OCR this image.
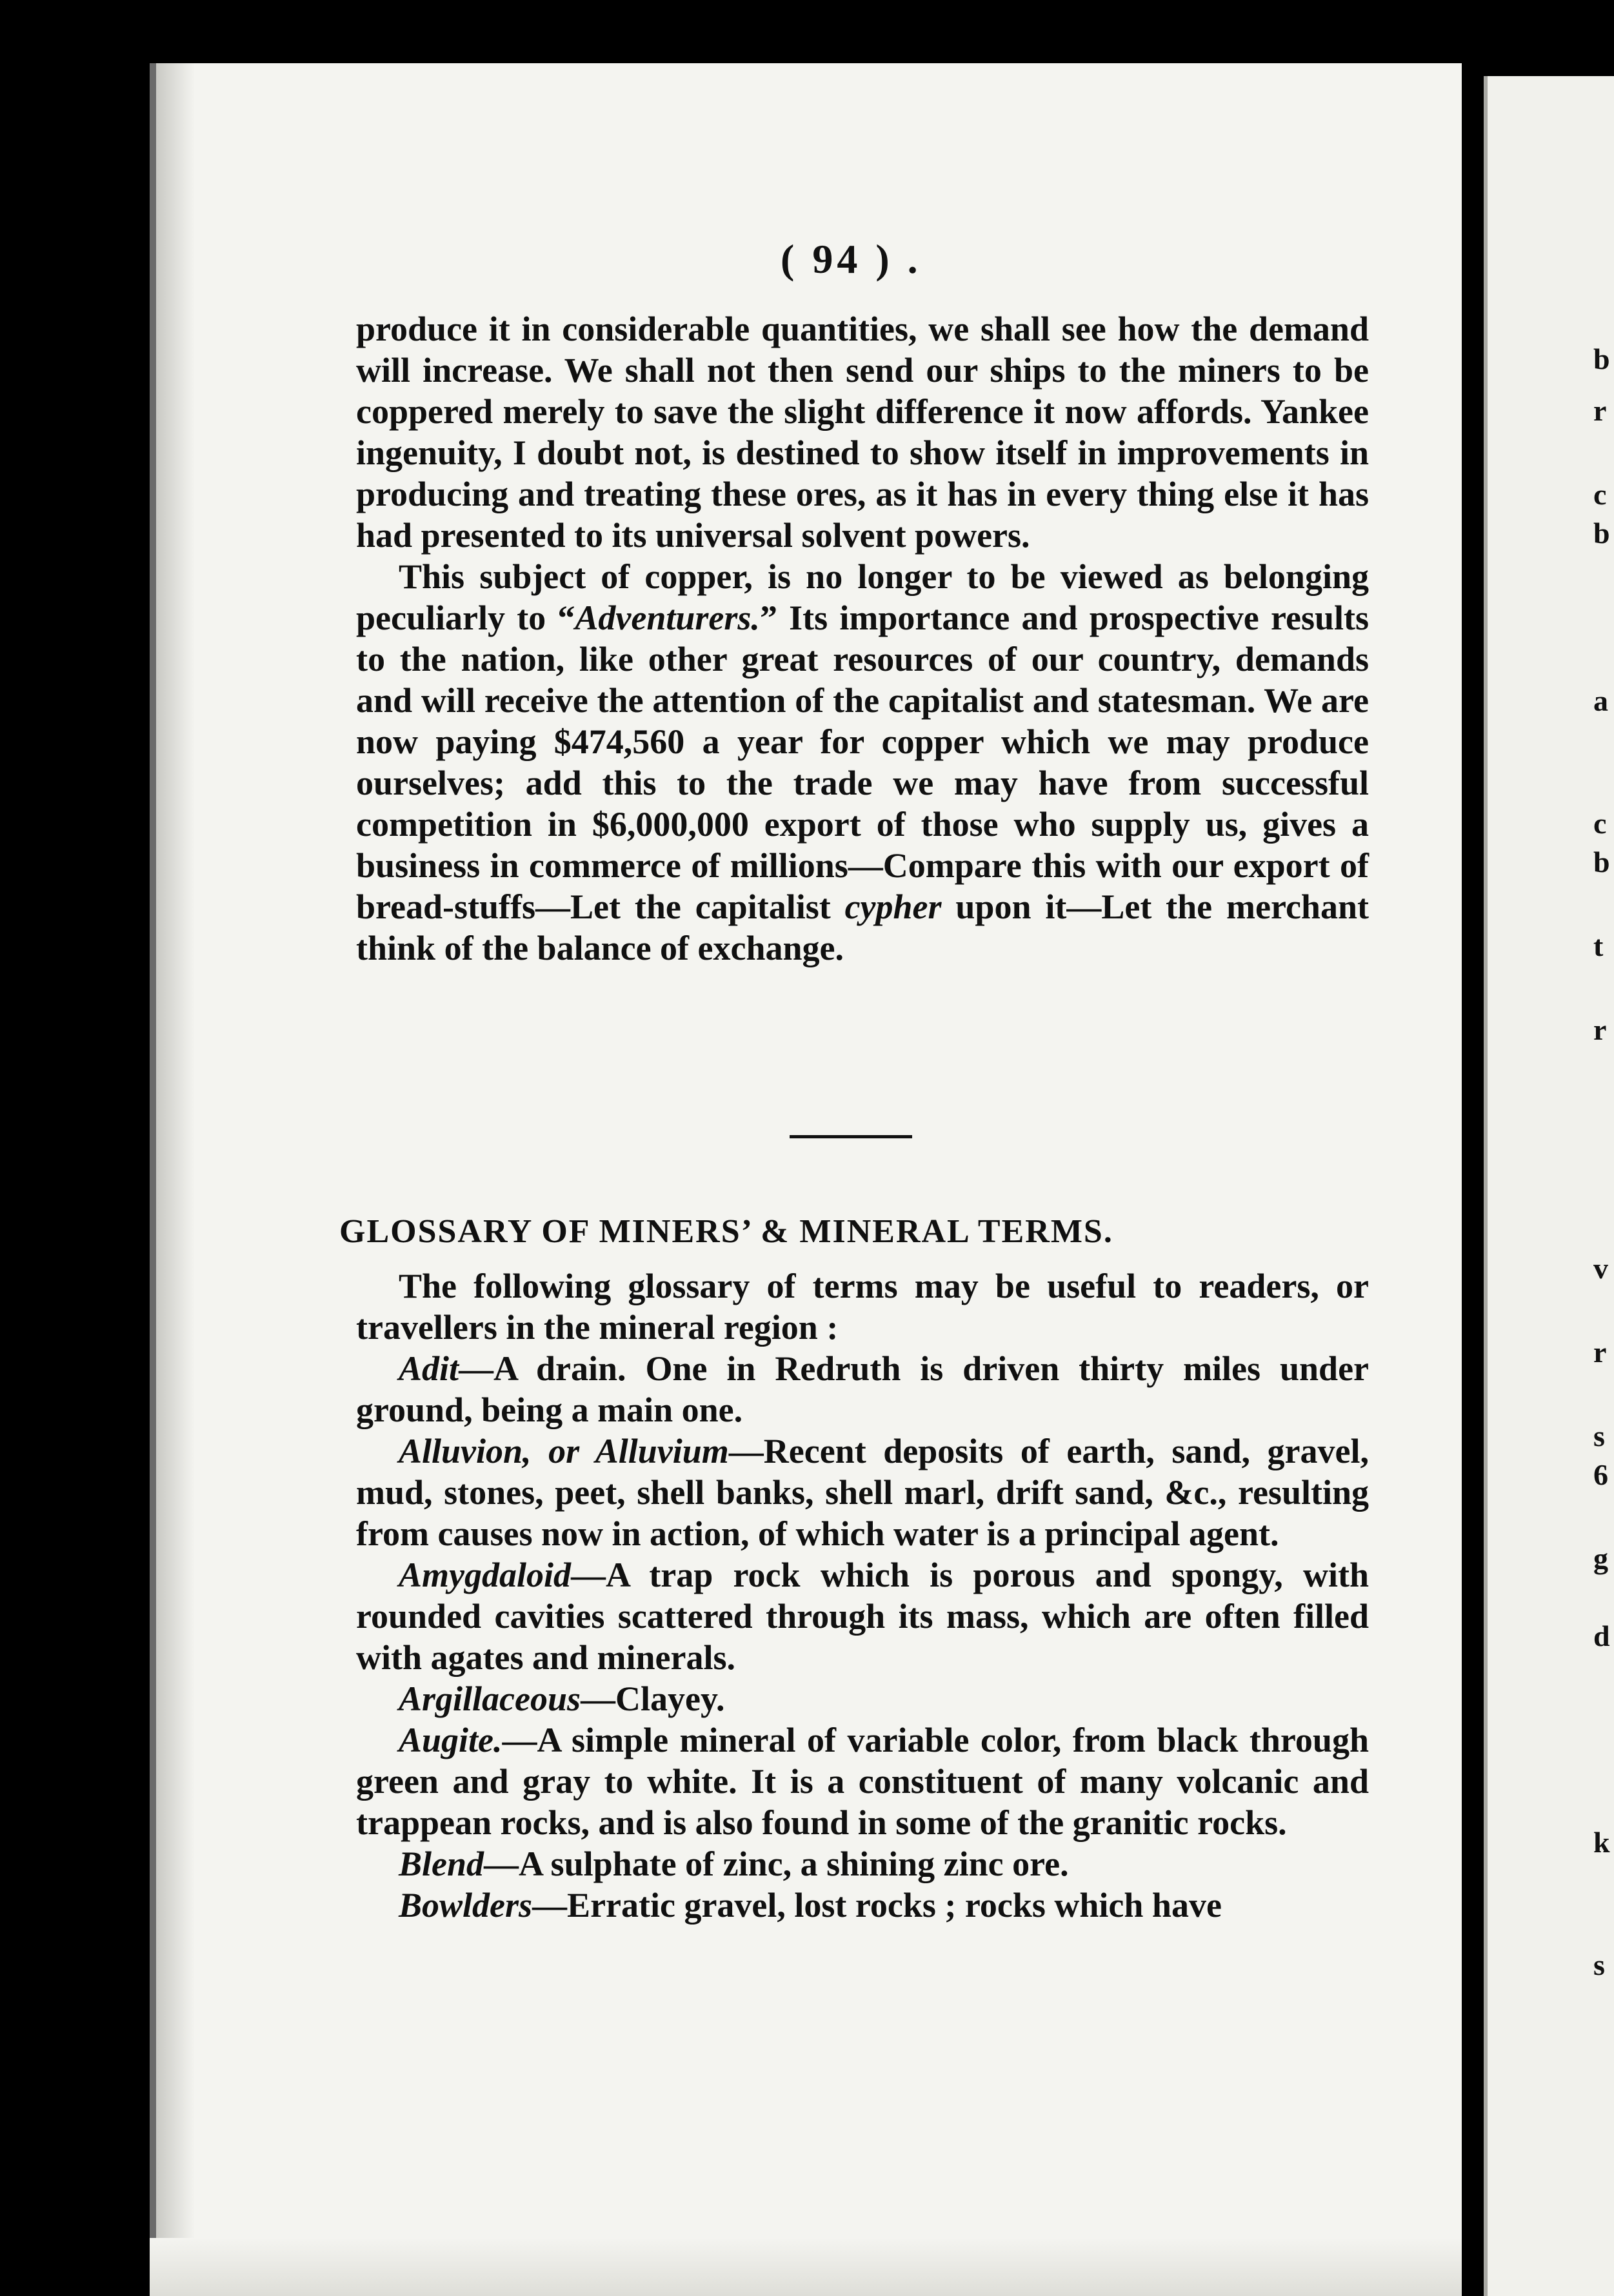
( 94 ) .

produce it in considerable quantities, we shall see how the demand will increase. We shall not then send our ships to the miners to be coppered merely to save the slight difference it now affords. Yankee ingenuity, I doubt not, is destined to show itself in improvements in producing and treating these ores, as it has in every thing else it has had presented to its universal solvent powers.

This subject of copper, is no longer to be viewed as belonging peculiarly to “Adventurers.” Its importance and prospective results to the nation, like other great resources of our country, demands and will receive the attention of the capitalist and statesman. We are now paying $474,560 a year for copper which we may produce ourselves; add this to the trade we may have from successful competition in $6,000,000 export of those who supply us, gives a business in commerce of millions—Compare this with our export of bread-stuffs—Let the capitalist cypher upon it—Let the merchant think of the balance of exchange.

GLOSSARY OF MINERS’ & MINERAL TERMS.

The following glossary of terms may be useful to readers, or travellers in the mineral region :

Adit—A drain. One in Redruth is driven thirty miles under ground, being a main one.

Alluvion, or Alluvium—Recent deposits of earth, sand, gravel, mud, stones, peet, shell banks, shell marl, drift sand, &c., resulting from causes now in action, of which water is a principal agent.

Amygdaloid—A trap rock which is porous and spongy, with rounded cavities scattered through its mass, which are often filled with agates and minerals.

Argillaceous—Clayey.

Augite.—A simple mineral of variable color, from black through green and gray to white. It is a constituent of many volcanic and trappean rocks, and is also found in some of the granitic rocks.

Blend—A sulphate of zinc, a shining zinc ore.

Bowlders—Erratic gravel, lost rocks ; rocks which have

b
r
c
b
a
c
b
t
r
v
r
s
6
g
d
k
s
